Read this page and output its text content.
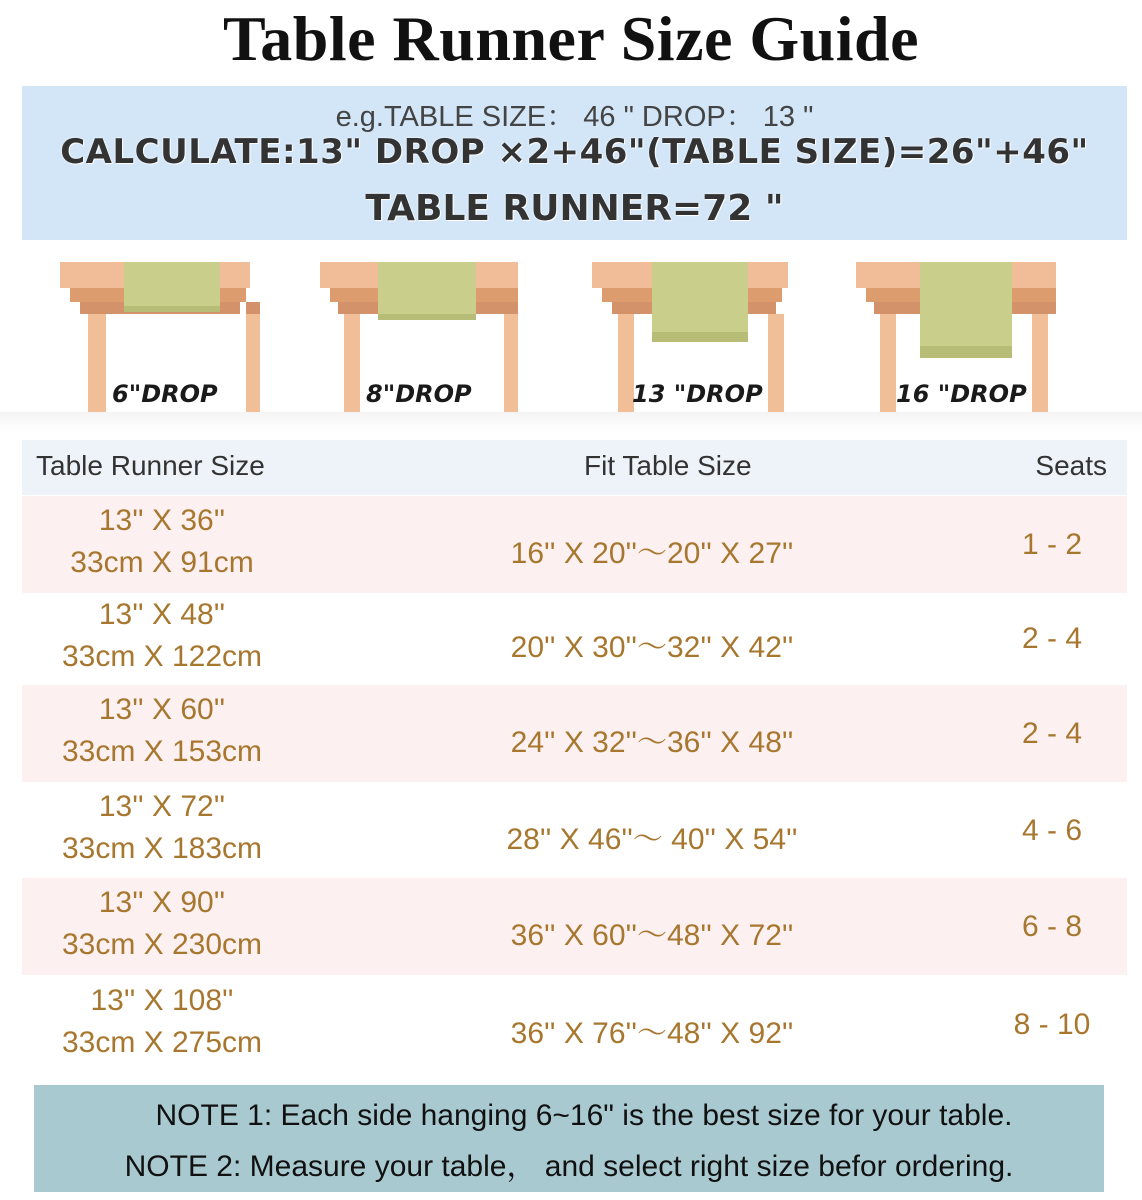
Table Runner Size Guide
e.g.TABLE SIZE： 46 " DROP： 13 "
CALCULATE:13" DROP ×2+46"(TABLE SIZE)=26"+46"
TABLE RUNNER=72 "
6"DROP	8"DROP	13 "DROP	16 "DROP
Table Runner Size	Fit Table Size	Seats
13'' X 36''
33cm X 91cm	16'' X 20''～20'' X 27''	1 - 2
13'' X 48''
33cm X 122cm	20'' X 30''～32'' X 42''	2 - 4
13'' X 60''
33cm X 153cm	24'' X 32''～36'' X 48''	2 - 4
13'' X 72''
33cm X 183cm	28'' X 46''～ 40'' X 54''	4 - 6
13'' X 90''
33cm X 230cm	36'' X 60''～48'' X 72''	6 - 8
13'' X 108''
33cm X 275cm	36'' X 76''～48'' X 92''	8 - 10
NOTE 1: Each side hanging 6~16" is the best size for your table.
NOTE 2: Measure your table， and select right size befor ordering.
